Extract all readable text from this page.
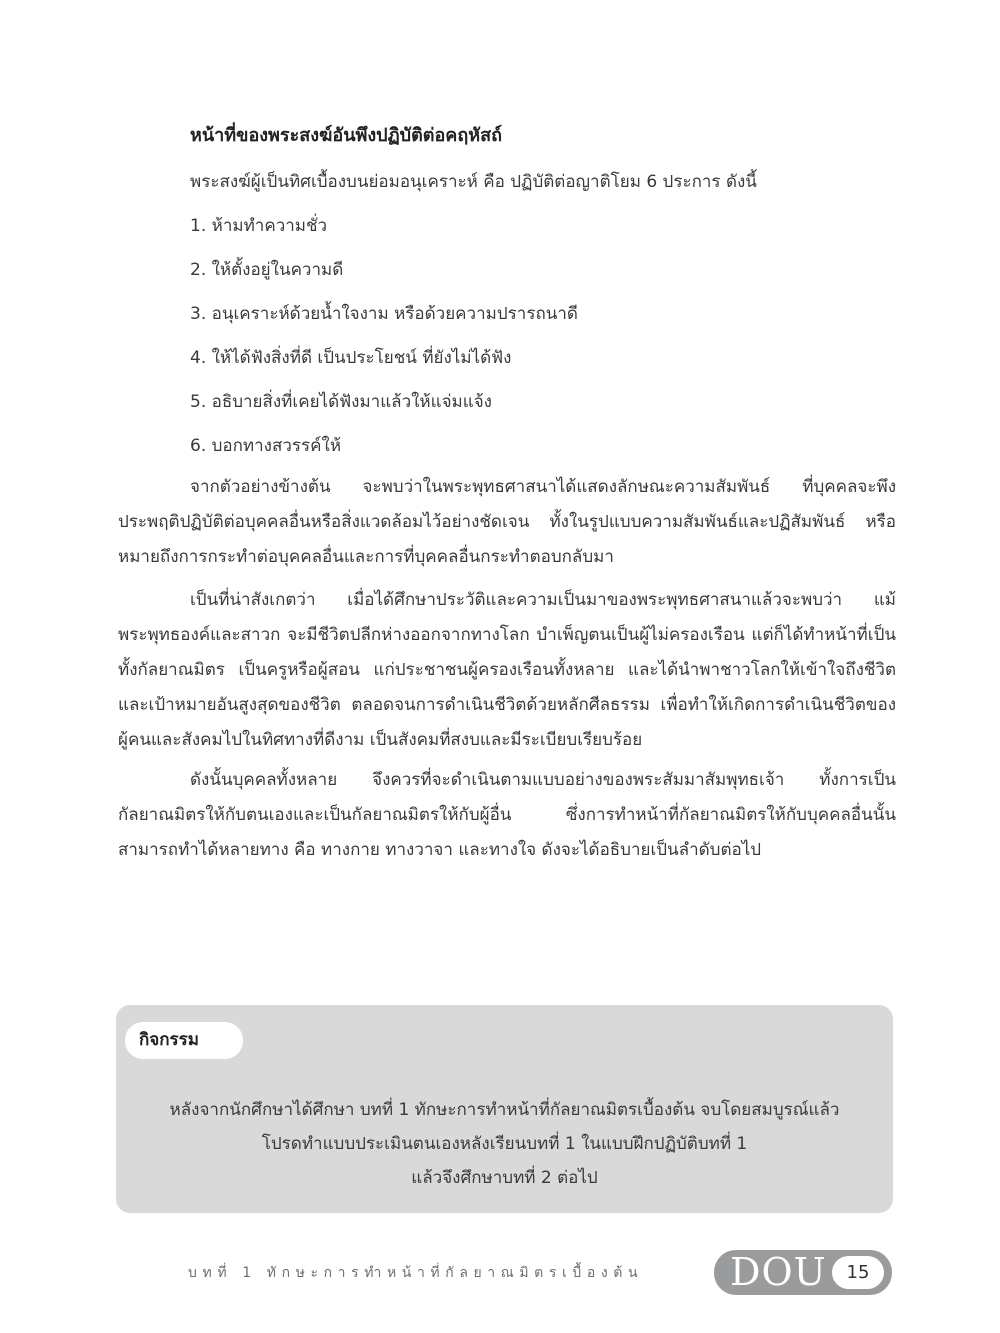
หน้าที่ของพระสงฆ์อันพึงปฏิบัติต่อคฤหัสถ์
พระสงฆ์ผู้เป็นทิศเบื้องบนย่อมอนุเคราะห์ คือ ปฏิบัติต่อญาติโยม 6 ประการ ดังนี้
1. ห้ามทำความชั่ว
2. ให้ตั้งอยู่ในความดี
3. อนุเคราะห์ด้วยน้ำใจงาม หรือด้วยความปรารถนาดี
4. ให้ได้ฟังสิ่งที่ดี เป็นประโยชน์ ที่ยังไม่ได้ฟัง
5. อธิบายสิ่งที่เคยได้ฟังมาแล้วให้แจ่มแจ้ง
6. บอกทางสวรรค์ให้
จากตัวอย่างข้างต้น จะพบว่าในพระพุทธศาสนาได้แสดงลักษณะความสัมพันธ์ ที่บุคคลจะพึงประพฤติปฏิบัติต่อบุคคลอื่นหรือสิ่งแวดล้อมไว้อย่างชัดเจน ทั้งในรูปแบบความสัมพันธ์และปฏิสัมพันธ์ หรือหมายถึงการกระทำต่อบุคคลอื่นและการที่บุคคลอื่นกระทำตอบกลับมา
เป็นที่น่าสังเกตว่า เมื่อได้ศึกษาประวัติและความเป็นมาของพระพุทธศาสนาแล้วจะพบว่า แม้พระพุทธองค์และสาวก จะมีชีวิตปลีกห่างออกจากทางโลก บำเพ็ญตนเป็นผู้ไม่ครองเรือน แต่ก็ได้ทำหน้าที่เป็นทั้งกัลยาณมิตร เป็นครูหรือผู้สอน แก่ประชาชนผู้ครองเรือนทั้งหลาย และได้นำพาชาวโลกให้เข้าใจถึงชีวิตและเป้าหมายอันสูงสุดของชีวิต ตลอดจนการดำเนินชีวิตด้วยหลักศีลธรรม เพื่อทำให้เกิดการดำเนินชีวิตของผู้คนและสังคมไปในทิศทางที่ดีงาม เป็นสังคมที่สงบและมีระเบียบเรียบร้อย
ดังนั้นบุคคลทั้งหลาย จึงควรที่จะดำเนินตามแบบอย่างของพระสัมมาสัมพุทธเจ้า ทั้งการเป็นกัลยาณมิตรให้กับตนเองและเป็นกัลยาณมิตรให้กับผู้อื่น ซึ่งการทำหน้าที่กัลยาณมิตรให้กับบุคคลอื่นนั้นสามารถทำได้หลายทาง คือ ทางกาย ทางวาจา และทางใจ ดังจะได้อธิบายเป็นลำดับต่อไป
กิจกรรม
หลังจากนักศึกษาได้ศึกษา บทที่ 1 ทักษะการทำหน้าที่กัลยาณมิตรเบื้องต้น จบโดยสมบูรณ์แล้ว
โปรดทำแบบประเมินตนเองหลังเรียนบทที่ 1 ในแบบฝึกปฏิบัติบทที่ 1
แล้วจึงศึกษาบทที่ 2 ต่อไป
บทที่ 1 ทักษะการทำหน้าที่กัลยาณมิตรเบื้องต้น DOU	15
